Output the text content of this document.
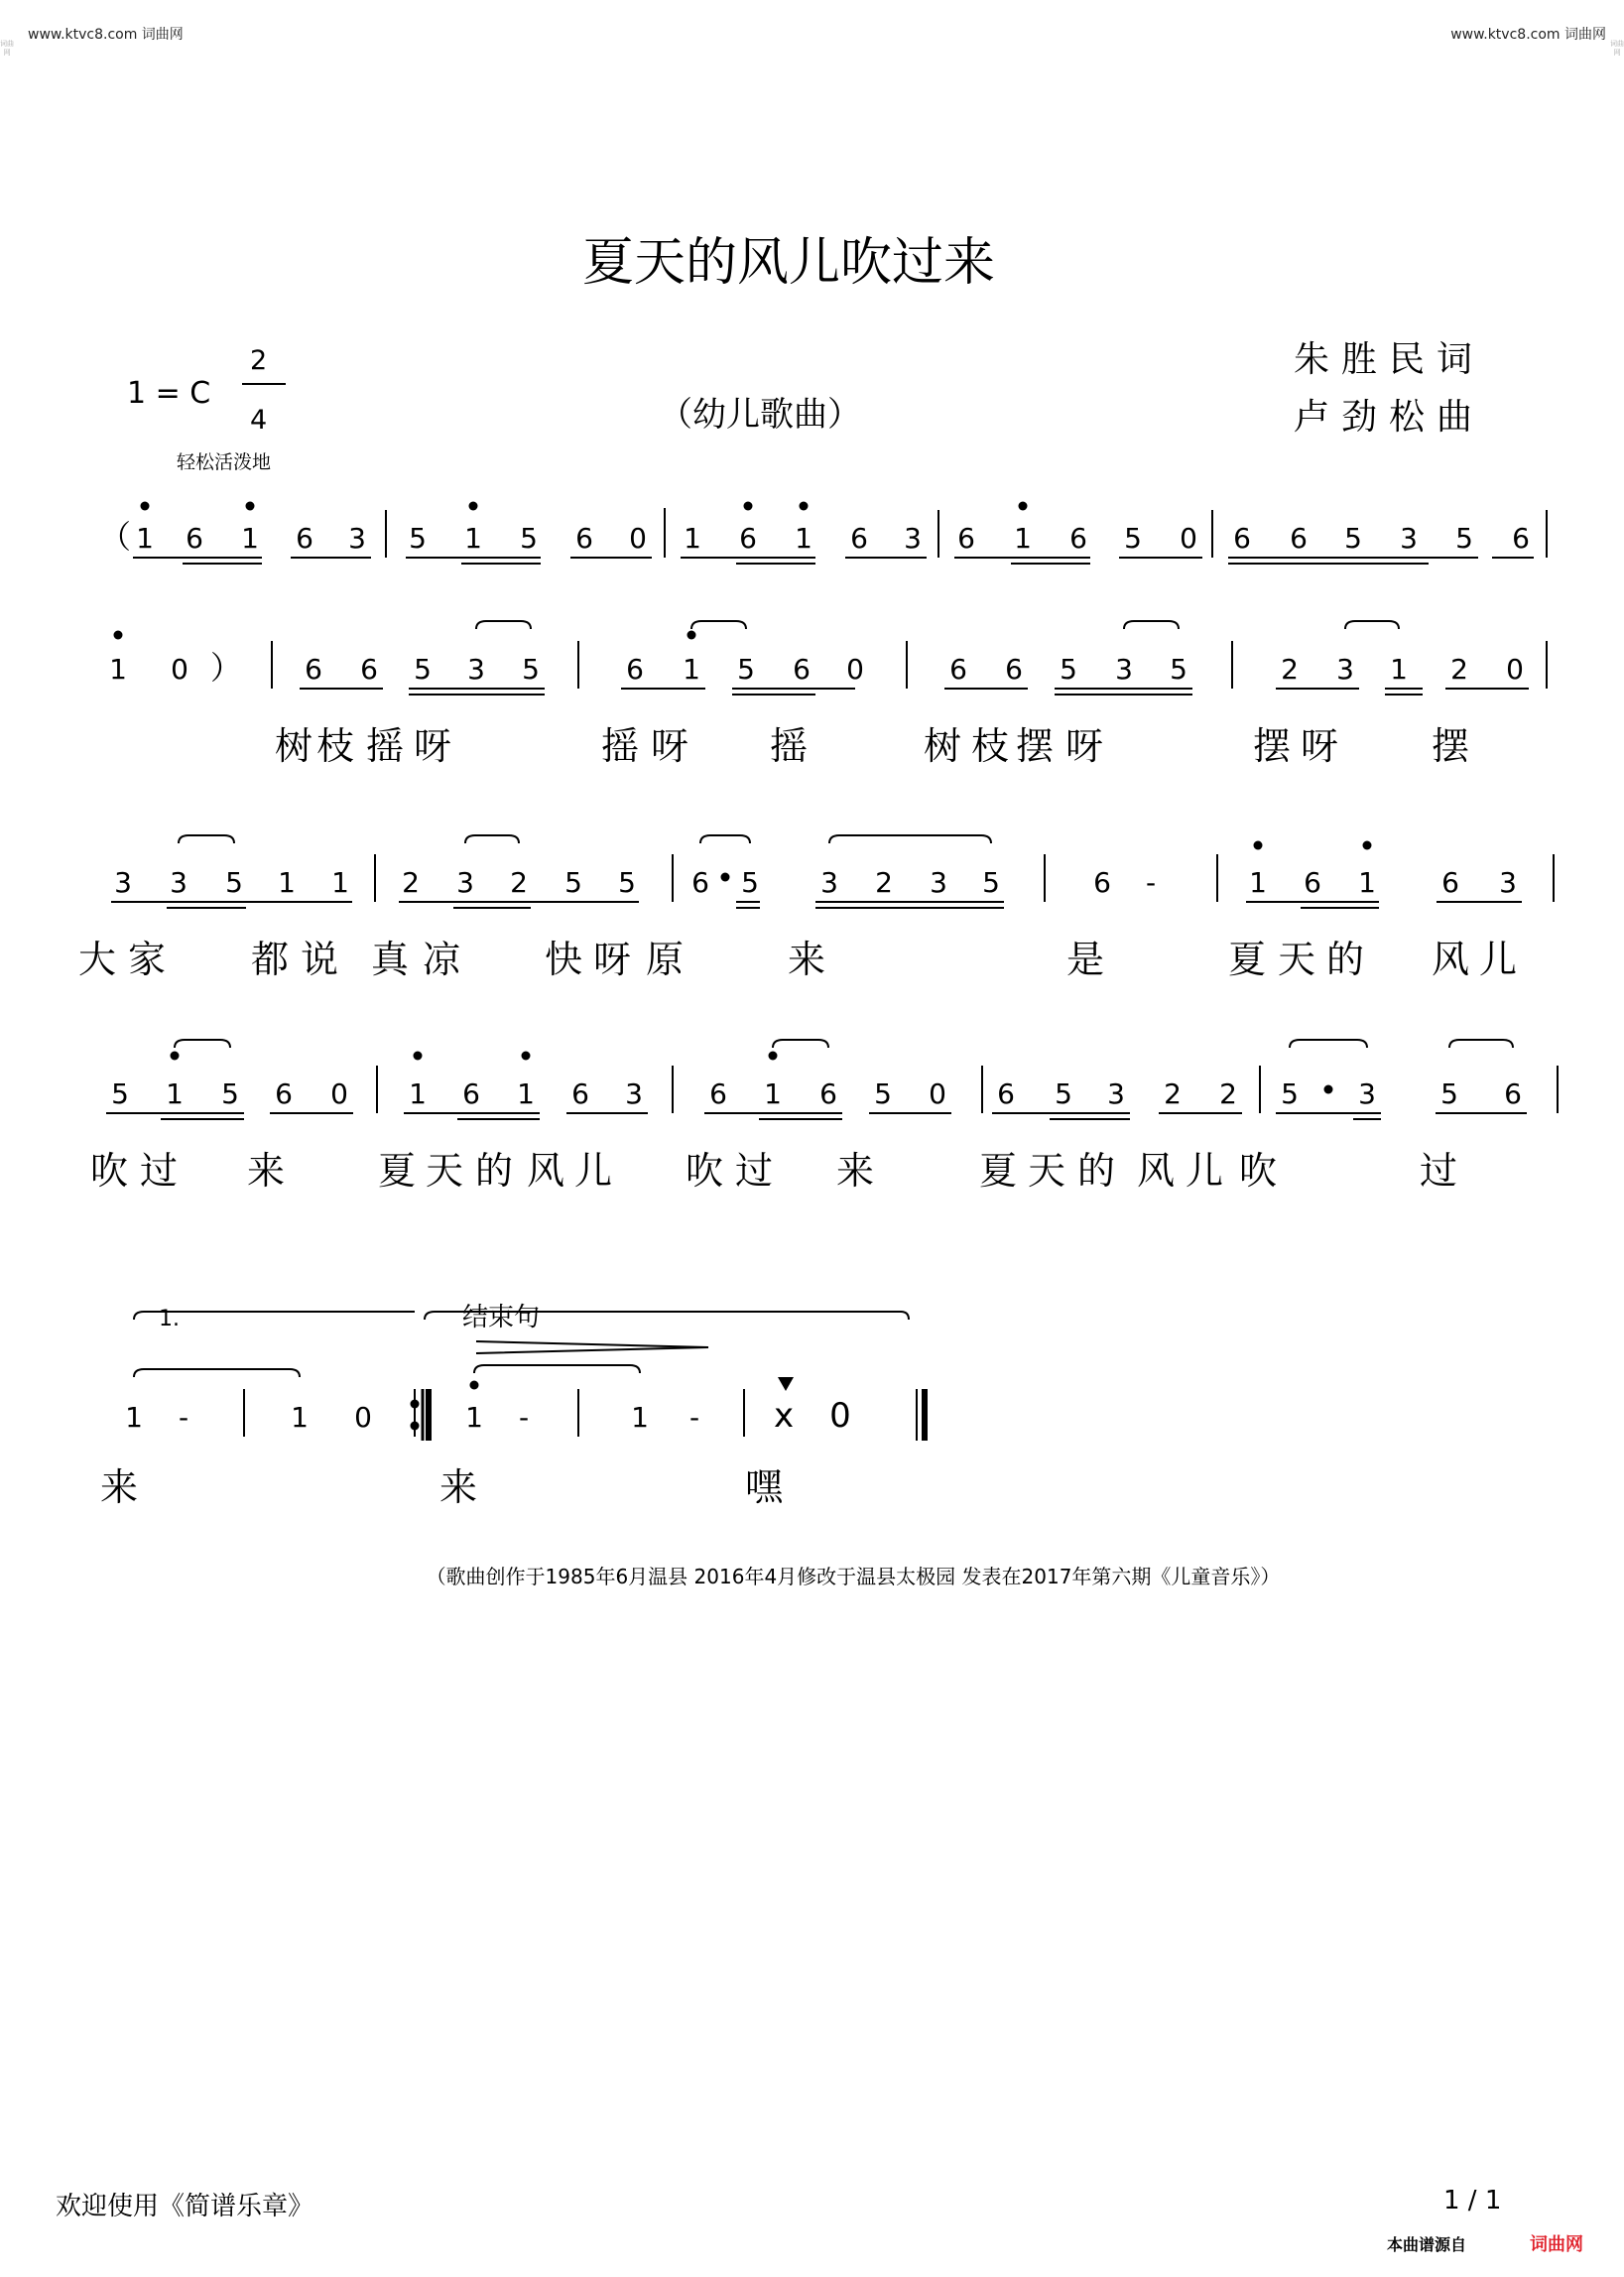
www.ktvc8.com 词曲网	www.ktvc8.com 词曲网
词曲网
词曲网
夏天的风儿吹过来
1 = C
2
4
轻松活泼地
（幼儿歌曲）
朱胜民词
卢劲松曲
1 6 1 6 3 5 1 5 6 0 1 6 1 6 3 6 1 6 5 0 6 6 5 3 5 6
1 0	6 6 5 3 5	6 1 5 6 0	6 6 5 3 5	2 3 1 2 0
树 枝 摇 呀	摇 呀 摇	树 枝 摆 呀	摆 呀 摆
3 3 5 1 1 2 3 2 5 5 6 5 3 2 3 5	6 -	1 6 1 6 3
大 家 都 说 真 凉 快 呀 原	来	是	夏 天 的 风 儿
5 1 5 6 0 1 6 1 6 3 6 1 6 5 0 6 5 3 2 2 5 3 5 6
吹 过 来 夏 天 的 风 儿 吹 过 来	夏 天 的 风 儿 吹	过
1 -	1 0	1 -	1 - x 0
来	来	嘿
（
）
1.	结束句
（歌曲创作于1985年6月温县 2016年4月修改于温县太极园 发表在2017年第六期《儿童音乐》）
欢迎使用《简谱乐章》	1 / 1
本曲谱源自	词曲网
